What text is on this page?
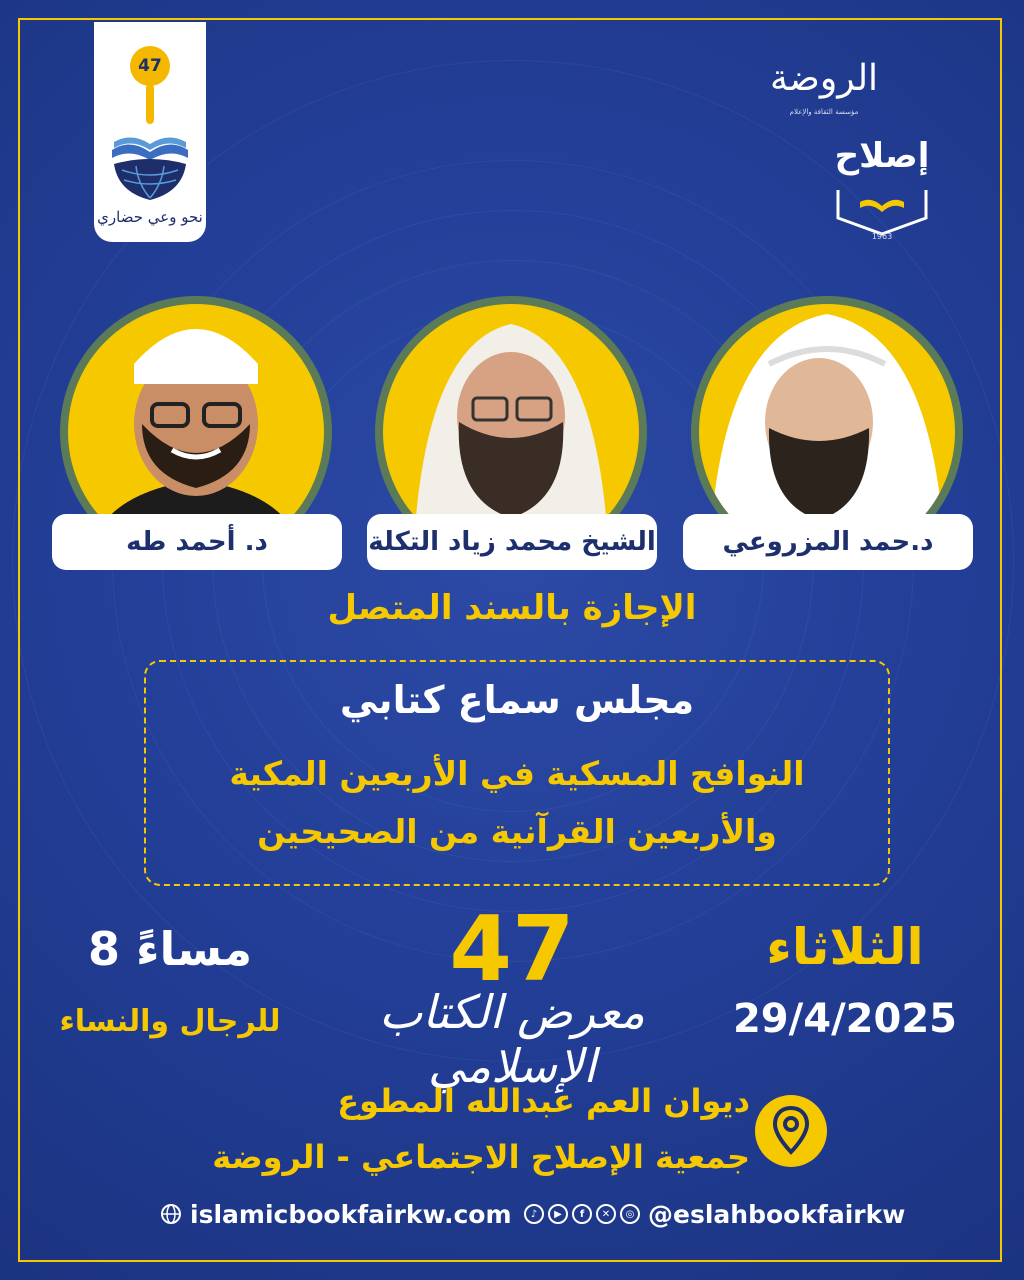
47
نحو وعي حضاري
الروضة
مؤسسة الثقافة والإعلام
إصلاح
1963
د. أحمد طه	الشيخ محمد زياد التكلة	د.حمد المزروعي
الإجازة بالسند المتصل
مجلس سماع كتابي
النوافح المسكية في الأربعين المكية
والأربعين القرآنية من الصحيحين
الثلاثاء
29/4/2025
47
معرض الكتاب الإسلامي
8 مساءً
للرجال والنساء
ديوان العم عبدالله المطوع
جمعية الإصلاح الاجتماعي - الروضة
islamicbookfairkw.com	♪	▶	f	✕	◎ @eslahbookfairkw
